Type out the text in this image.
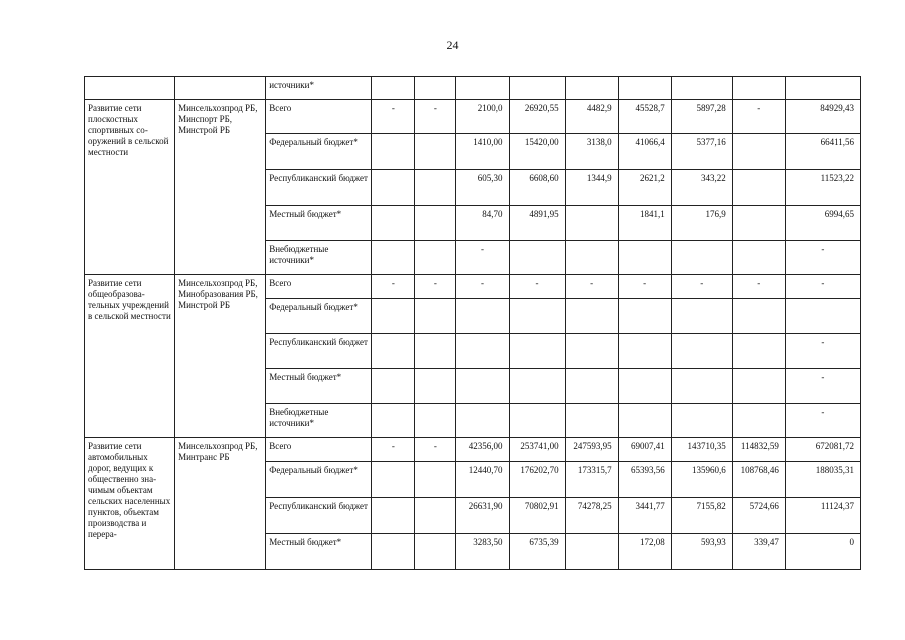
24
		источники*									
Развитие сети плоскостных спортивных сооружений в сельской местности	Минсельхозпрод РБ, Минспорт РБ, Минстрой РБ	Всего	-	-	2100,0	26920,55	4482,9	45528,7	5897,28	-	84929,43
		Федеральный бюджет*			1410,00	15420,00	3138,0	41066,4	5377,16		66411,56
		Республиканский бюджет			605,30	6608,60	1344,9	2621,2	343,22		11523,22
		Местный бюджет*			84,70	4891,95		1841,1	176,9		6994,65
		Внебюджетные источники*			-						-
Развитие сети общеобразовательных учреждений в сельской местности	Минсельхозпрод РБ, Минобразования РБ, Минстрой РБ	Всего	-	-	-	-	-	-	-	-	-
		Федеральный бюджет*									
		Республиканский бюджет									-
		Местный бюджет*									-
		Внебюджетные источники*									-
Развитие сети автомобильных дорог, ведущих к общественно значимым объектам сельских населенных пунктов, объектам производства и перера-	Минсельхозпрод РБ, Минтранс РБ	Всего	-	-	42356,00	253741,00	247593,95	69007,41	143710,35	114832,59	672081,72
		Федеральный бюджет*			12440,70	176202,70	173315,7	65393,56	135960,6	108768,46	188035,31
		Республиканский бюджет			26631,90	70802,91	74278,25	3441,77	7155,82	5724,66	11124,37
		Местный бюджет*			3283,50	6735,39		172,08	593,93	339,47	0
